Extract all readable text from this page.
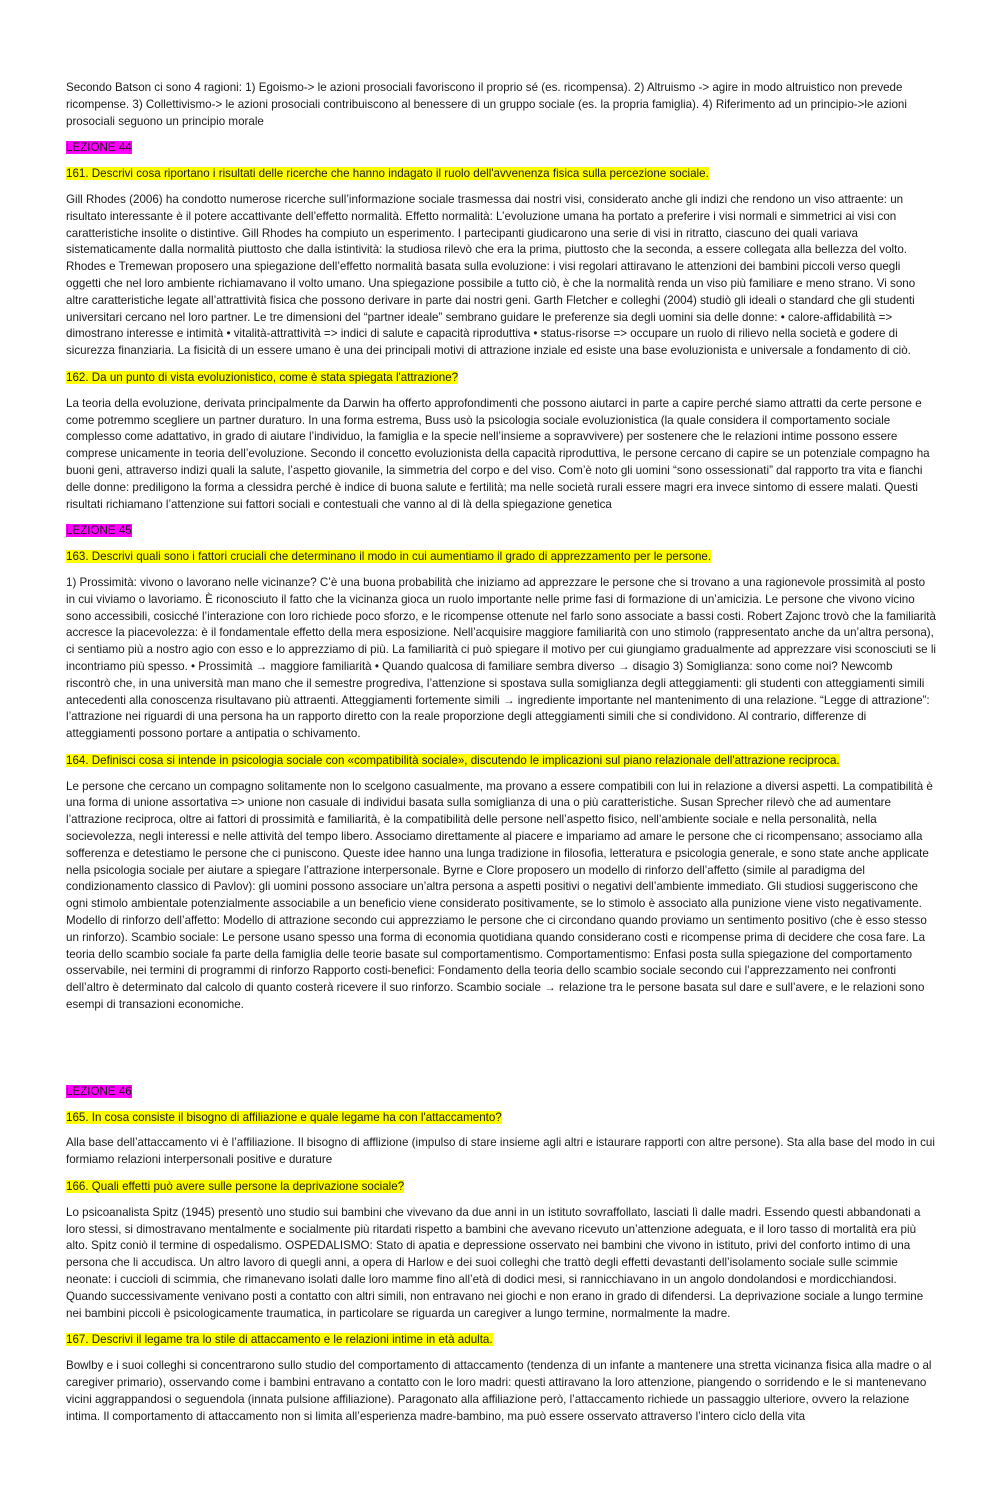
Secondo Batson ci sono 4 ragioni: 1) Egoismo-> le azioni prosociali favoriscono il proprio sé (es. ricompensa). 2) Altruismo -> agire in modo altruistico non prevede ricompense. 3) Collettivismo-> le azioni prosociali contribuiscono al benessere di un gruppo sociale (es. la propria famiglia). 4) Riferimento ad un principio->le azioni prosociali seguono un principio morale

LEZIONE 44

161. Descrivi cosa riportano i risultati delle ricerche che hanno indagato il ruolo dell'avvenenza fisica sulla percezione sociale.

Gill Rhodes (2006) ha condotto numerose ricerche sull’informazione sociale trasmessa dai nostri visi, considerato anche gli indizi che rendono un viso attraente: un risultato interessante è il potere accattivante dell’effetto normalità. Effetto normalità: L’evoluzione umana ha portato a preferire i visi normali e simmetrici ai visi con caratteristiche insolite o distintive. Gill Rhodes ha compiuto un esperimento. I partecipanti giudicarono una serie di visi in ritratto, ciascuno dei quali variava sistematicamente dalla normalità piuttosto che dalla istintività: la studiosa rilevò che era la prima, piuttosto che la seconda, a essere collegata alla bellezza del volto. Rhodes e Tremewan proposero una spiegazione dell’effetto normalità basata sulla evoluzione: i visi regolari attiravano le attenzioni dei bambini piccoli verso quegli oggetti che nel loro ambiente richiamavano il volto umano. Una spiegazione possibile a tutto ciò, è che la normalità renda un viso più familiare e meno strano. Vi sono altre caratteristiche legate all’attrattività fisica che possono derivare in parte dai nostri geni. Garth Fletcher e colleghi (2004) studiò gli ideali o standard che gli studenti universitari cercano nel loro partner. Le tre dimensioni del “partner ideale” sembrano guidare le preferenze sia degli uomini sia delle donne: • calore-affidabilità => dimostrano interesse e intimità • vitalità-attrattività => indici di salute e capacità riproduttiva • status-risorse => occupare un ruolo di rilievo nella società e godere di sicurezza finanziaria. La fisicità di un essere umano è una dei principali motivi di attrazione inziale ed esiste una base evoluzionista e universale a fondamento di ciò.

162. Da un punto di vista evoluzionistico, come è stata spiegata l'attrazione?

La teoria della evoluzione, derivata principalmente da Darwin ha offerto approfondimenti che possono aiutarci in parte a capire perché siamo attratti da certe persone e come potremmo scegliere un partner duraturo. In una forma estrema, Buss usò la psicologia sociale evoluzionistica (la quale considera il comportamento sociale complesso come adattativo, in grado di aiutare l’individuo, la famiglia e la specie nell’insieme a sopravvivere) per sostenere che le relazioni intime possono essere comprese unicamente in teoria dell’evoluzione. Secondo il concetto evoluzionista della capacità riproduttiva, le persone cercano di capire se un potenziale compagno ha buoni geni, attraverso indizi quali la salute, l’aspetto giovanile, la simmetria del corpo e del viso. Com’è noto gli uomini “sono ossessionati” dal rapporto tra vita e fianchi delle donne: prediligono la forma a clessidra perché è indice di buona salute e fertilità; ma nelle società rurali essere magri era invece sintomo di essere malati. Questi risultati richiamano l’attenzione sui fattori sociali e contestuali che vanno al di là della spiegazione genetica

LEZIONE 45

163. Descrivi quali sono i fattori cruciali che determinano il modo in cui aumentiamo il grado di apprezzamento per le persone.

1) Prossimità: vivono o lavorano nelle vicinanze? C’è una buona probabilità che iniziamo ad apprezzare le persone che si trovano a una ragionevole prossimità al posto in cui viviamo o lavoriamo. È riconosciuto il fatto che la vicinanza gioca un ruolo importante nelle prime fasi di formazione di un’amicizia. Le persone che vivono vicino sono accessibili, cosicché l’interazione con loro richiede poco sforzo, e le ricompense ottenute nel farlo sono associate a bassi costi. Robert Zajonc trovò che la familiarità accresce la piacevolezza: è il fondamentale effetto della mera esposizione. Nell’acquisire maggiore familiarità con uno stimolo (rappresentato anche da un’altra persona), ci sentiamo più a nostro agio con esso e lo apprezziamo di più. La familiarità ci può spiegare il motivo per cui giungiamo gradualmente ad apprezzare visi sconosciuti se li incontriamo più spesso. • Prossimità → maggiore familiarità • Quando qualcosa di familiare sembra diverso → disagio 3) Somiglianza: sono come noi? Newcomb riscontrò che, in una università man mano che il semestre progrediva, l’attenzione si spostava sulla somiglianza degli atteggiamenti: gli studenti con atteggiamenti simili antecedenti alla conoscenza risultavano più attraenti. Atteggiamenti fortemente simili → ingrediente importante nel mantenimento di una relazione. “Legge di attrazione”: l’attrazione nei riguardi di una persona ha un rapporto diretto con la reale proporzione degli atteggiamenti simili che si condividono. Al contrario, differenze di atteggiamenti possono portare a antipatia o schivamento.

164. Definisci cosa si intende in psicologia sociale con «compatibilità sociale», discutendo le implicazioni sul piano relazionale dell'attrazione reciproca.

Le persone che cercano un compagno solitamente non lo scelgono casualmente, ma provano a essere compatibili con lui in relazione a diversi aspetti. La compatibilità è una forma di unione assortativa => unione non casuale di individui basata sulla somiglianza di una o più caratteristiche. Susan Sprecher rilevò che ad aumentare l’attrazione reciproca, oltre ai fattori di prossimità e familiarità, è la compatibilità delle persone nell’aspetto fisico, nell’ambiente sociale e nella personalità, nella socievolezza, negli interessi e nelle attività del tempo libero. Associamo direttamente al piacere e impariamo ad amare le persone che ci ricompensano; associamo alla sofferenza e detestiamo le persone che ci puniscono. Queste idee hanno una lunga tradizione in filosofia, letteratura e psicologia generale, e sono state anche applicate nella psicologia sociale per aiutare a spiegare l’attrazione interpersonale. Byrne e Clore proposero un modello di rinforzo dell’affetto (simile al paradigma del condizionamento classico di Pavlov): gli uomini possono associare un’altra persona a aspetti positivi o negativi dell’ambiente immediato. Gli studiosi suggeriscono che ogni stimolo ambientale potenzialmente associabile a un beneficio viene considerato positivamente, se lo stimolo è associato alla punizione viene visto negativamente. Modello di rinforzo dell’affetto: Modello di attrazione secondo cui apprezziamo le persone che ci circondano quando proviamo un sentimento positivo (che è esso stesso un rinforzo). Scambio sociale: Le persone usano spesso una forma di economia quotidiana quando considerano costi e ricompense prima di decidere che cosa fare. La teoria dello scambio sociale fa parte della famiglia delle teorie basate sul comportamentismo. Comportamentismo: Enfasi posta sulla spiegazione del comportamento osservabile, nei termini di programmi di rinforzo Rapporto costi-benefici: Fondamento della teoria dello scambio sociale secondo cui l’apprezzamento nei confronti dell’altro è determinato dal calcolo di quanto costerà ricevere il suo rinforzo. Scambio sociale → relazione tra le persone basata sul dare e sull’avere, e le relazioni sono esempi di transazioni economiche.

LEZIONE 46

165. In cosa consiste il bisogno di affiliazione e quale legame ha con l'attaccamento?

Alla base dell’attaccamento vi è l’affiliazione. Il bisogno di afflizione (impulso di stare insieme agli altri e istaurare rapporti con altre persone). Sta alla base del modo in cui formiamo relazioni interpersonali positive e durature

166. Quali effetti può avere sulle persone la deprivazione sociale?

Lo psicoanalista Spitz (1945) presentò uno studio sui bambini che vivevano da due anni in un istituto sovraffollato, lasciati lì dalle madri. Essendo questi abbandonati a loro stessi, si dimostravano mentalmente e socialmente più ritardati rispetto a bambini che avevano ricevuto un’attenzione adeguata, e il loro tasso di mortalità era più alto. Spitz coniò il termine di ospedalismo. OSPEDALISMO: Stato di apatia e depressione osservato nei bambini che vivono in istituto, privi del conforto intimo di una persona che li accudisca. Un altro lavoro di quegli anni, a opera di Harlow e dei suoi colleghi che trattò degli effetti devastanti dell’isolamento sociale sulle scimmie neonate: i cuccioli di scimmia, che rimanevano isolati dalle loro mamme fino all’età di dodici mesi, si rannicchiavano in un angolo dondolandosi e mordicchiandosi. Quando successivamente venivano posti a contatto con altri simili, non entravano nei giochi e non erano in grado di difendersi. La deprivazione sociale a lungo termine nei bambini piccoli è psicologicamente traumatica, in particolare se riguarda un caregiver a lungo termine, normalmente la madre.

167. Descrivi il legame tra lo stile di attaccamento e le relazioni intime in età adulta.

Bowlby e i suoi colleghi si concentrarono sullo studio del comportamento di attaccamento (tendenza di un infante a mantenere una stretta vicinanza fisica alla madre o al caregiver primario), osservando come i bambini entravano a contatto con le loro madri: questi attiravano la loro attenzione, piangendo o sorridendo e le si mantenevano vicini aggrappandosi o seguendola (innata pulsione affiliazione). Paragonato alla affiliazione però, l’attaccamento richiede un passaggio ulteriore, ovvero la relazione intima. Il comportamento di attaccamento non si limita all’esperienza madre-bambino, ma può essere osservato attraverso l’intero ciclo della vita
